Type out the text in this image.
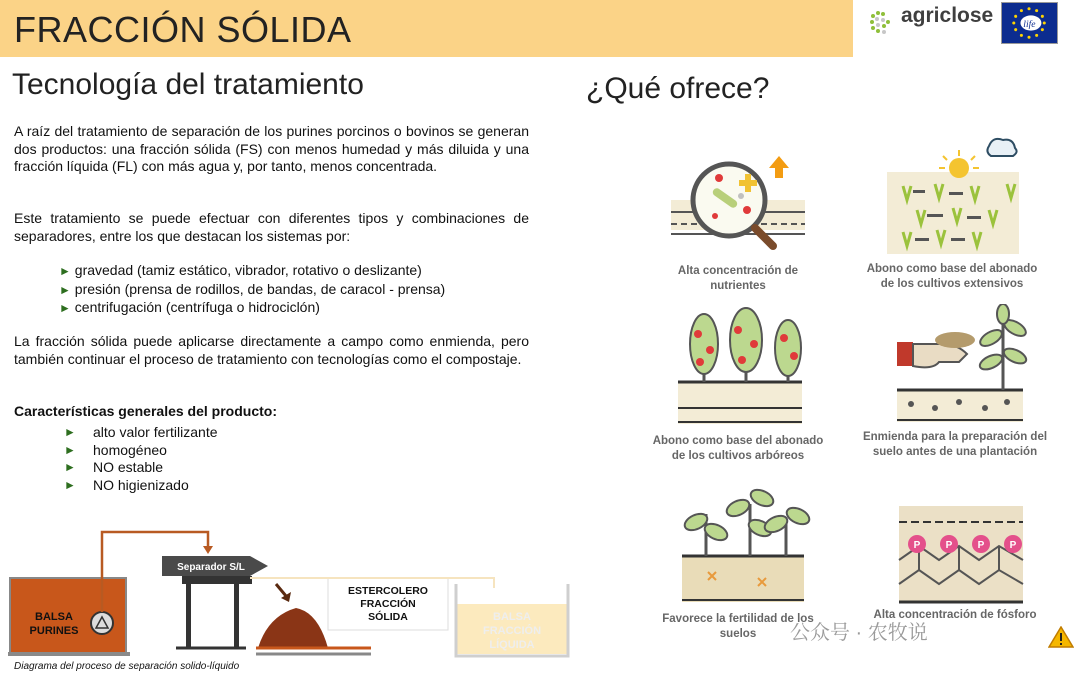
FRACCIÓN SÓLIDA	agriclose	life
Tecnología del tratamiento

A raíz del tratamiento de separación de los purines porcinos o bovinos se generan dos productos: una fracción sólida (FS) con menos humedad y más diluida y una fracción líquida (FL) con más agua y, por tanto, menos concentrada.

Este tratamiento se puede efectuar con diferentes tipos y combinaciones de separadores, entre los que destacan los sistemas por:

► gravedad (tamiz estático, vibrador, rotativo o deslizante)
► presión (prensa de rodillos, de bandas, de caracol - prensa)
► centrifugación (centrífuga o hidrociclón)

La fracción sólida puede aplicarse directamente a campo como enmienda, pero también continuar el proceso de tratamiento con tecnologías como el compostaje.

Características generales del producto:
►	alto valor fertilizante
►	homogéneo
►	NO estable
►	NO higienizado
BALSA
PURINES
Separador S/L
ESTERCOLERO
FRACCIÓN
SÓLIDA	BALSA
FRACCIÓN
LÍQUIDA
Diagrama del proceso de separación solido-líquido
¿Qué ofrece?
Alta concentración de
nutrientes
Abono como base del abonado
de los cultivos extensivos
Abono como base del abonado
de los cultivos arbóreos
Enmienda para la preparación del
suelo antes de una plantación
Favorece la fertilidad de los
suelos
P	P	P	P
Alta concentración de fósforo

公众号 · 农牧说
